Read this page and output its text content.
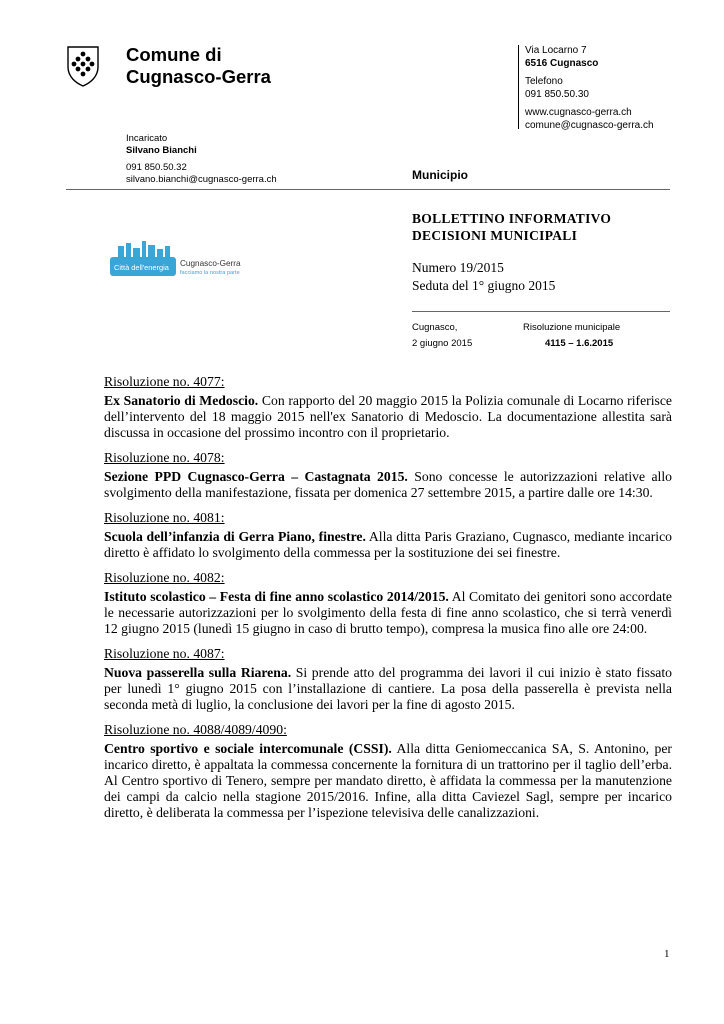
Comune di
Cugnasco-Gerra
Via Locarno 7
6516 Cugnasco
Telefono
091 850.50.30
www.cugnasco-gerra.ch
comune@cugnasco-gerra.ch
Incaricato
Silvano Bianchi
091 850.50.32
silvano.bianchi@cugnasco-gerra.ch	Municipio
Città dell'energia Cugnasco-Gerra
facciamo la nostra parte
BOLLETTINO INFORMATIVO
DECISIONI MUNICIPALI
Numero 19/2015
Seduta del 1° giugno 2015
Cugnasco,
2 giugno 2015
Risoluzione municipale
4115 – 1.6.2015
Risoluzione no. 4077:
Ex Sanatorio di Medoscio. Con rapporto del 20 maggio 2015 la Polizia comunale di Locarno riferisce dell’intervento del 18 maggio 2015 nell'ex Sanatorio di Medoscio. La documentazione allestita sarà discussa in occasione del prossimo incontro con il proprietario.
Risoluzione no. 4078:
Sezione PPD Cugnasco-Gerra – Castagnata 2015. Sono concesse le autorizzazioni relative allo svolgimento della manifestazione, fissata per domenica 27 settembre 2015, a partire dalle ore 14:30.
Risoluzione no. 4081:
Scuola dell’infanzia di Gerra Piano, finestre. Alla ditta Paris Graziano, Cugnasco, mediante incarico diretto è affidato lo svolgimento della commessa per la sostituzione dei sei finestre.
Risoluzione no. 4082:
Istituto scolastico – Festa di fine anno scolastico 2014/2015. Al Comitato dei genitori sono accordate le necessarie autorizzazioni per lo svolgimento della festa di fine anno scolastico, che si terrà venerdì 12 giugno 2015 (lunedì 15 giugno in caso di brutto tempo), compresa la musica fino alle ore 24:00.
Risoluzione no. 4087:
Nuova passerella sulla Riarena. Si prende atto del programma dei lavori il cui inizio è stato fissato per lunedì 1° giugno 2015 con l’installazione di cantiere. La posa della passerella è prevista nella seconda metà di luglio, la conclusione dei lavori per la fine di agosto 2015.
Risoluzione no. 4088/4089/4090:
Centro sportivo e sociale intercomunale (CSSI). Alla ditta Geniomeccanica SA, S. Antonino, per incarico diretto, è appaltata la commessa concernente la fornitura di un trattorino per il taglio dell’erba. Al Centro sportivo di Tenero, sempre per mandato diretto, è affidata la commessa per la manutenzione dei campi da calcio nella stagione 2015/2016. Infine, alla ditta Caviezel Sagl, sempre per incarico diretto, è deliberata la commessa per l’ispezione televisiva delle canalizzazioni.
1
